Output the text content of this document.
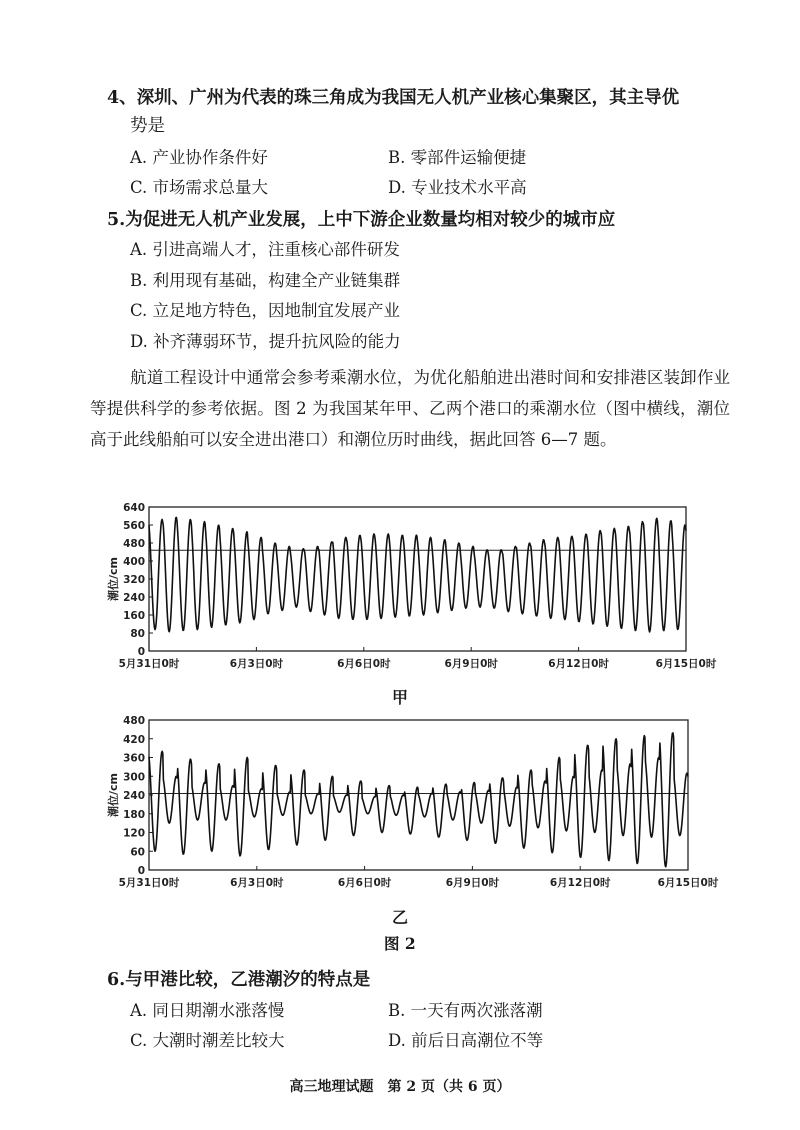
4、深圳、广州为代表的珠三角成为我国无人机产业核心集聚区，其主导优
势是
A. 产业协作条件好	B. 零部件运输便捷
C. 市场需求总量大	D. 专业技术水平高
5.为促进无人机产业发展，上中下游企业数量均相对较少的城市应
A. 引进高端人才，注重核心部件研发
B. 利用现有基础，构建全产业链集群
C. 立足地方特色，因地制宜发展产业
D. 补齐薄弱环节，提升抗风险的能力
航道工程设计中通常会参考乘潮水位，为优化船舶进出港时间和安排港区装卸作业等提供科学的参考依据。图 2 为我国某年甲、乙两个港口的乘潮水位（图中横线，潮位高于此线船舶可以安全进出港口）和潮位历时曲线，据此回答 6—7 题。
0
80
160
240
320
400
480
560
640
5月31日0时	6月3日0时	6月6日0时	6月9日0时	6月12日0时	6月15日0时
潮位/cm
甲
0
60
120
180
240
300
360
420
480
5月31日0时	6月3日0时	6月6日0时	6月9日0时	6月12日0时	6月15日0时
潮位/cm
乙
图 2
6.与甲港比较，乙港潮汐的特点是
A. 同日期潮水涨落慢	B. 一天有两次涨落潮
C. 大潮时潮差比较大	D. 前后日高潮位不等
高三地理试题　第 2 页（共 6 页）
